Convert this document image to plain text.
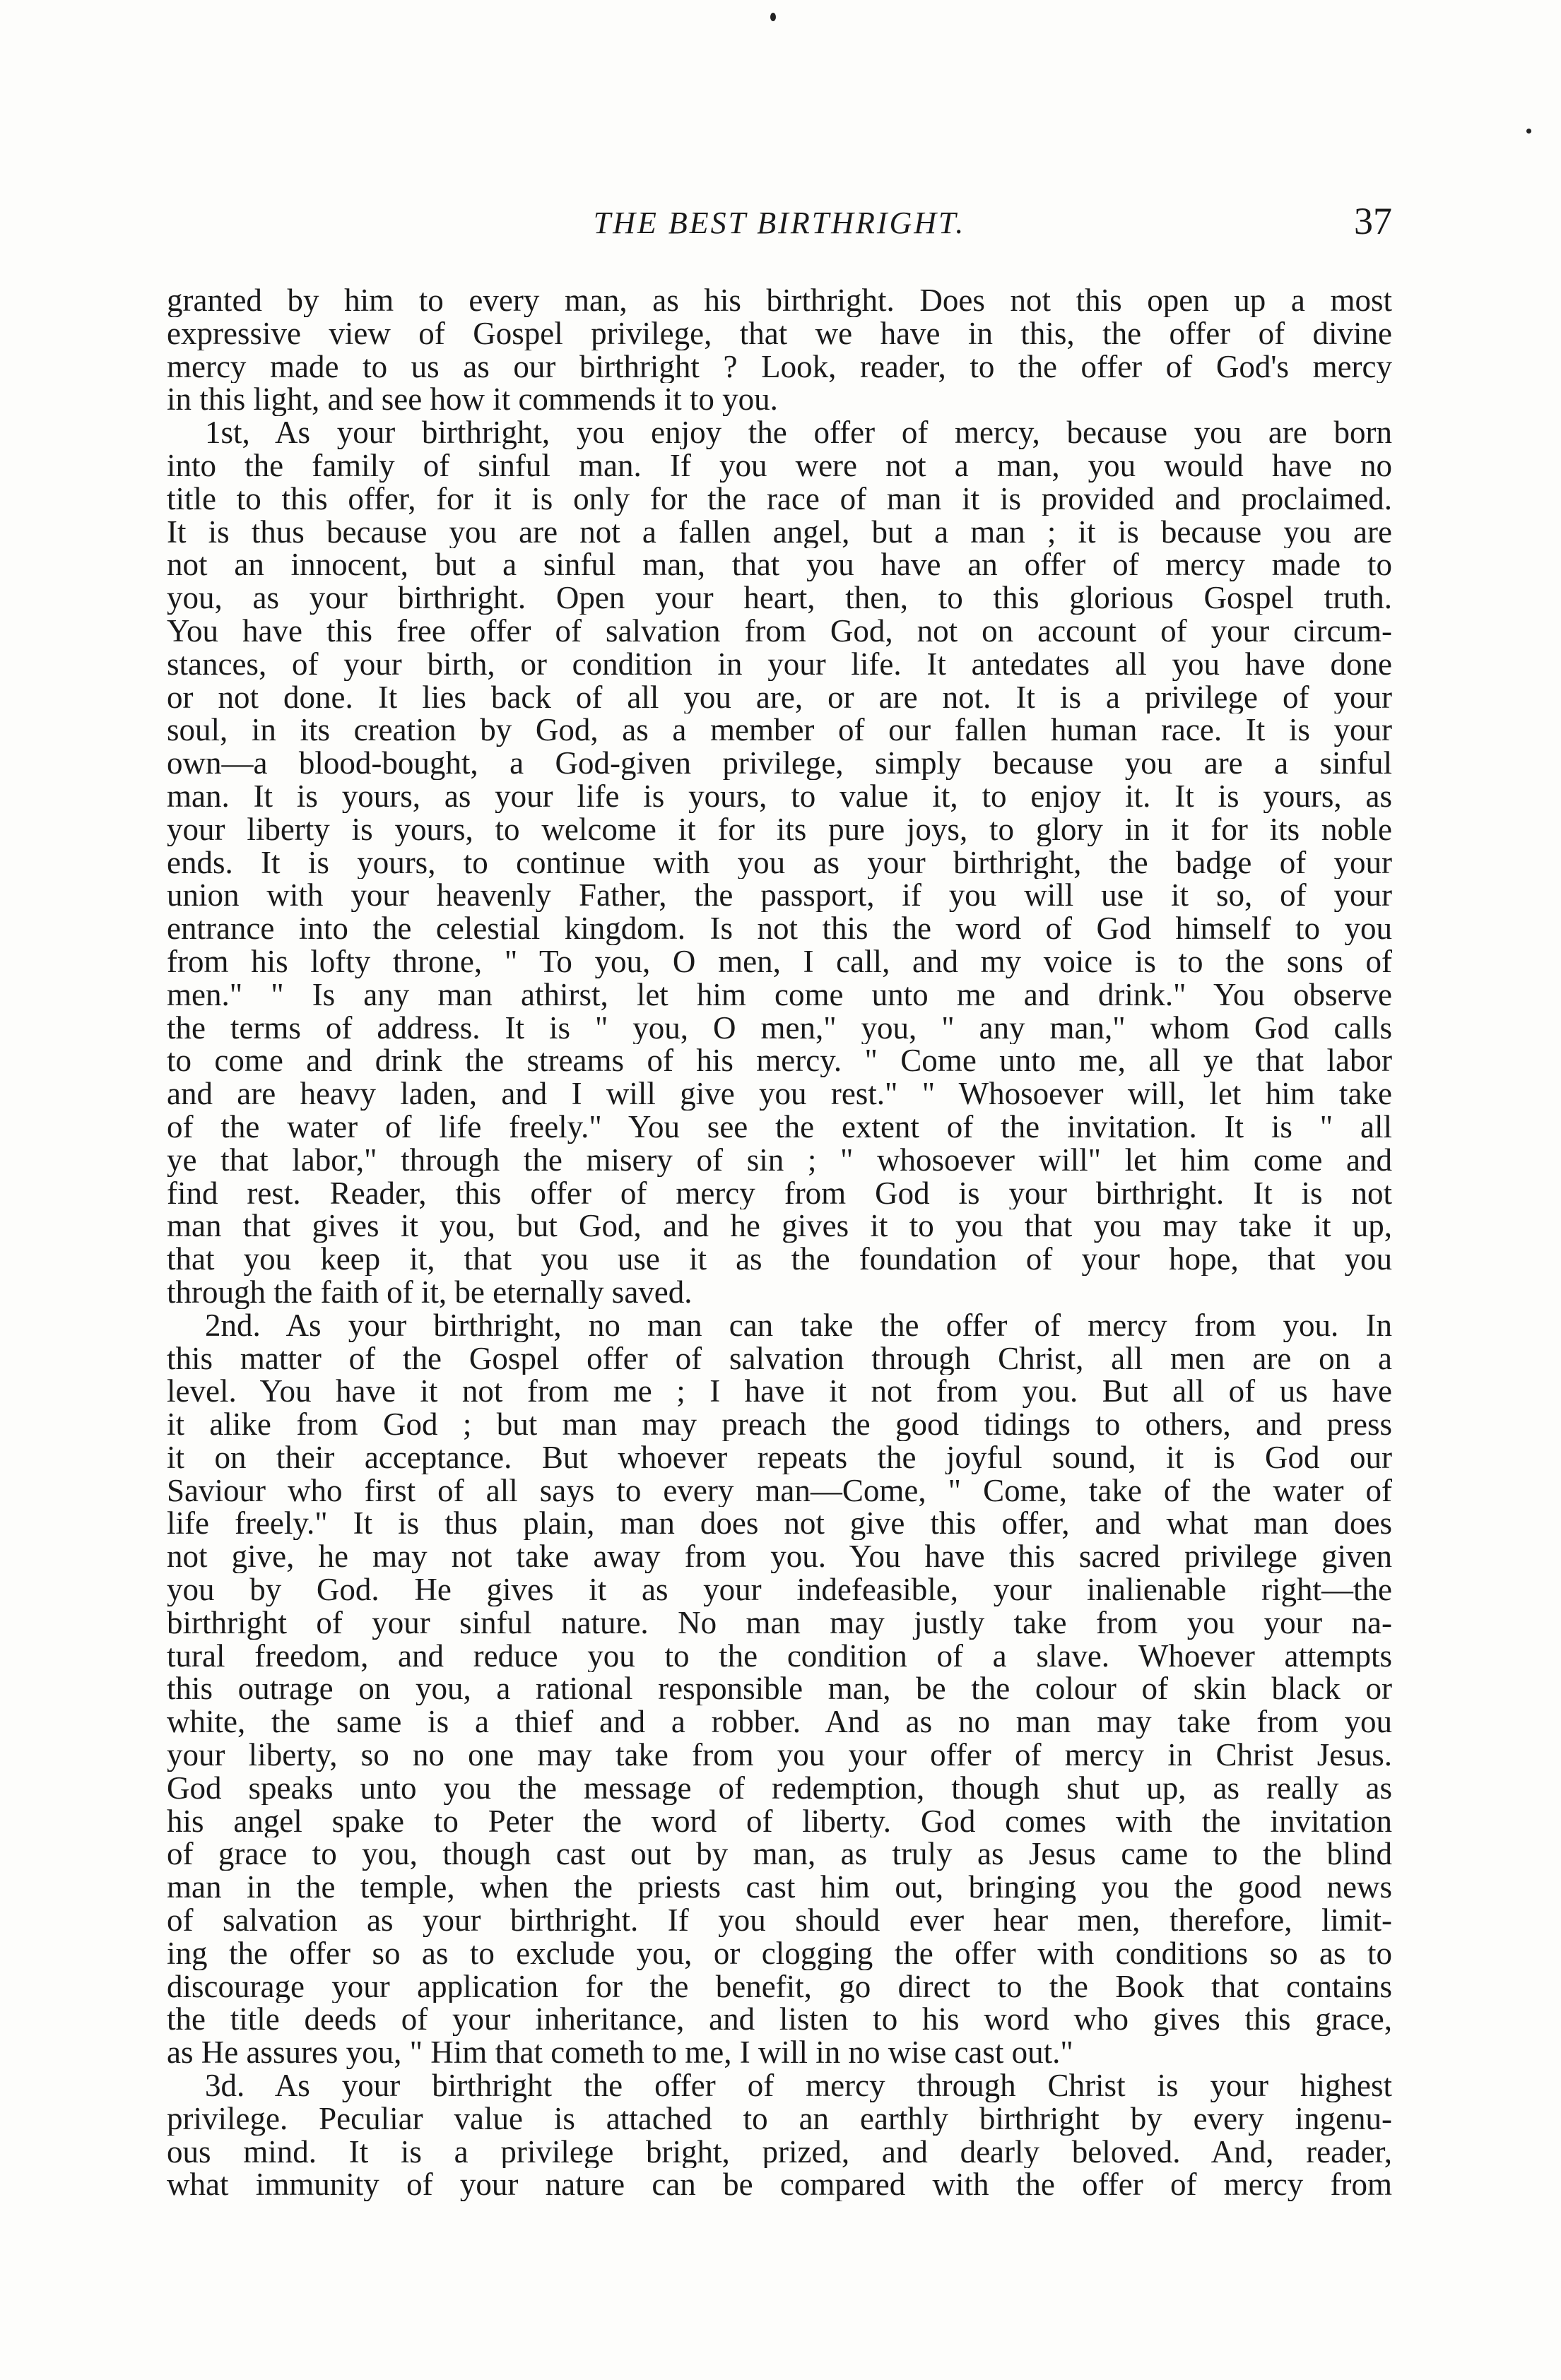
THE BEST BIRTHRIGHT.	37
granted by him to every man, as his birthright. Does not this open up a most
expressive view of Gospel privilege, that we have in this, the offer of divine
mercy made to us as our birthright ? Look, reader, to the offer of God's mercy
in this light, and see how it commends it to you.
1st, As your birthright, you enjoy the offer of mercy, because you are born
into the family of sinful man. If you were not a man, you would have no
title to this offer, for it is only for the race of man it is provided and proclaimed.
It is thus because you are not a fallen angel, but a man ; it is because you are
not an innocent, but a sinful man, that you have an offer of mercy made to
you, as your birthright. Open your heart, then, to this glorious Gospel truth.
You have this free offer of salvation from God, not on account of your circum-
stances, of your birth, or condition in your life. It antedates all you have done
or not done. It lies back of all you are, or are not. It is a privilege of your
soul, in its creation by God, as a member of our fallen human race. It is your
own—a blood-bought, a God-given privilege, simply because you are a sinful
man. It is yours, as your life is yours, to value it, to enjoy it. It is yours, as
your liberty is yours, to welcome it for its pure joys, to glory in it for its noble
ends. It is yours, to continue with you as your birthright, the badge of your
union with your heavenly Father, the passport, if you will use it so, of your
entrance into the celestial kingdom. Is not this the word of God himself to you
from his lofty throne, " To you, O men, I call, and my voice is to the sons of
men." " Is any man athirst, let him come unto me and drink." You observe
the terms of address. It is " you, O men," you, " any man," whom God calls
to come and drink the streams of his mercy. " Come unto me, all ye that labor
and are heavy laden, and I will give you rest." " Whosoever will, let him take
of the water of life freely." You see the extent of the invitation. It is " all
ye that labor," through the misery of sin ; " whosoever will" let him come and
find rest. Reader, this offer of mercy from God is your birthright. It is not
man that gives it you, but God, and he gives it to you that you may take it up,
that you keep it, that you use it as the foundation of your hope, that you
through the faith of it, be eternally saved.
2nd. As your birthright, no man can take the offer of mercy from you. In
this matter of the Gospel offer of salvation through Christ, all men are on a
level. You have it not from me ; I have it not from you. But all of us have
it alike from God ; but man may preach the good tidings to others, and press
it on their acceptance. But whoever repeats the joyful sound, it is God our
Saviour who first of all says to every man—Come, " Come, take of the water of
life freely." It is thus plain, man does not give this offer, and what man does
not give, he may not take away from you. You have this sacred privilege given
you by God. He gives it as your indefeasible, your inalienable right—the
birthright of your sinful nature. No man may justly take from you your na-
tural freedom, and reduce you to the condition of a slave. Whoever attempts
this outrage on you, a rational responsible man, be the colour of skin black or
white, the same is a thief and a robber. And as no man may take from you
your liberty, so no one may take from you your offer of mercy in Christ Jesus.
God speaks unto you the message of redemption, though shut up, as really as
his angel spake to Peter the word of liberty. God comes with the invitation
of grace to you, though cast out by man, as truly as Jesus came to the blind
man in the temple, when the priests cast him out, bringing you the good news
of salvation as your birthright. If you should ever hear men, therefore, limit-
ing the offer so as to exclude you, or clogging the offer with conditions so as to
discourage your application for the benefit, go direct to the Book that contains
the title deeds of your inheritance, and listen to his word who gives this grace,
as He assures you, " Him that cometh to me, I will in no wise cast out."
3d. As your birthright the offer of mercy through Christ is your highest
privilege. Peculiar value is attached to an earthly birthright by every ingenu-
ous mind. It is a privilege bright, prized, and dearly beloved. And, reader,
what immunity of your nature can be compared with the offer of mercy from
